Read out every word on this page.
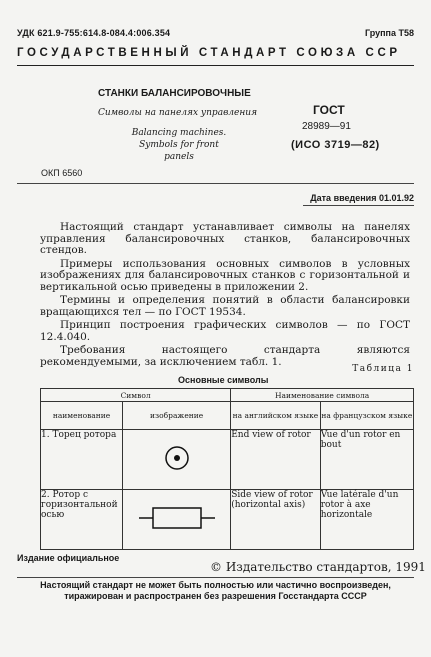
УДК 621.9-755:614.8-084.4:006.354	Группа Т58
ГОСУДАРСТВЕННЫЙ СТАНДАРТ СОЮЗА ССР
СТАНКИ БАЛАНСИРОВОЧНЫЕ
Символы на панелях управления
Balancing machines.
Symbols for front panels
ГОСТ
28989—91
(ИСО 3719—82)
ОКП 6560
Дата введения 01.01.92

Настоящий стандарт устанавливает символы на панелях управления балансировочных станков, балансировочных стендов.

Примеры использования основных символов в условных изображениях для балансировочных станков с горизонтальной и вертикальной осью приведены в приложении 2.

Термины и определения понятий в области балансировки вращающихся тел — по ГОСТ 19534.

Принцип построения графических символов — по ГОСТ 12.4.040.

Требования настоящего стандарта являются рекомендуемыми, за исключением табл. 1.

Таблица 1
Основные символы
Символ		Наименование символа	
наименование	изображение	на английском языке	на французском языке
1. Торец ротора		End view of rotor	Vue d'un rotor en bout
2. Ротор с горизонтальной осью		Side view of rotor (horizontal axis)	Vue latérale d'un rotor à axe horizontale
Издание официальное
© Издательство стандартов, 1991
Настоящий стандарт не может быть полностью или частично воспроизведен,
тиражирован и распространен без разрешения Госстандарта СССР
